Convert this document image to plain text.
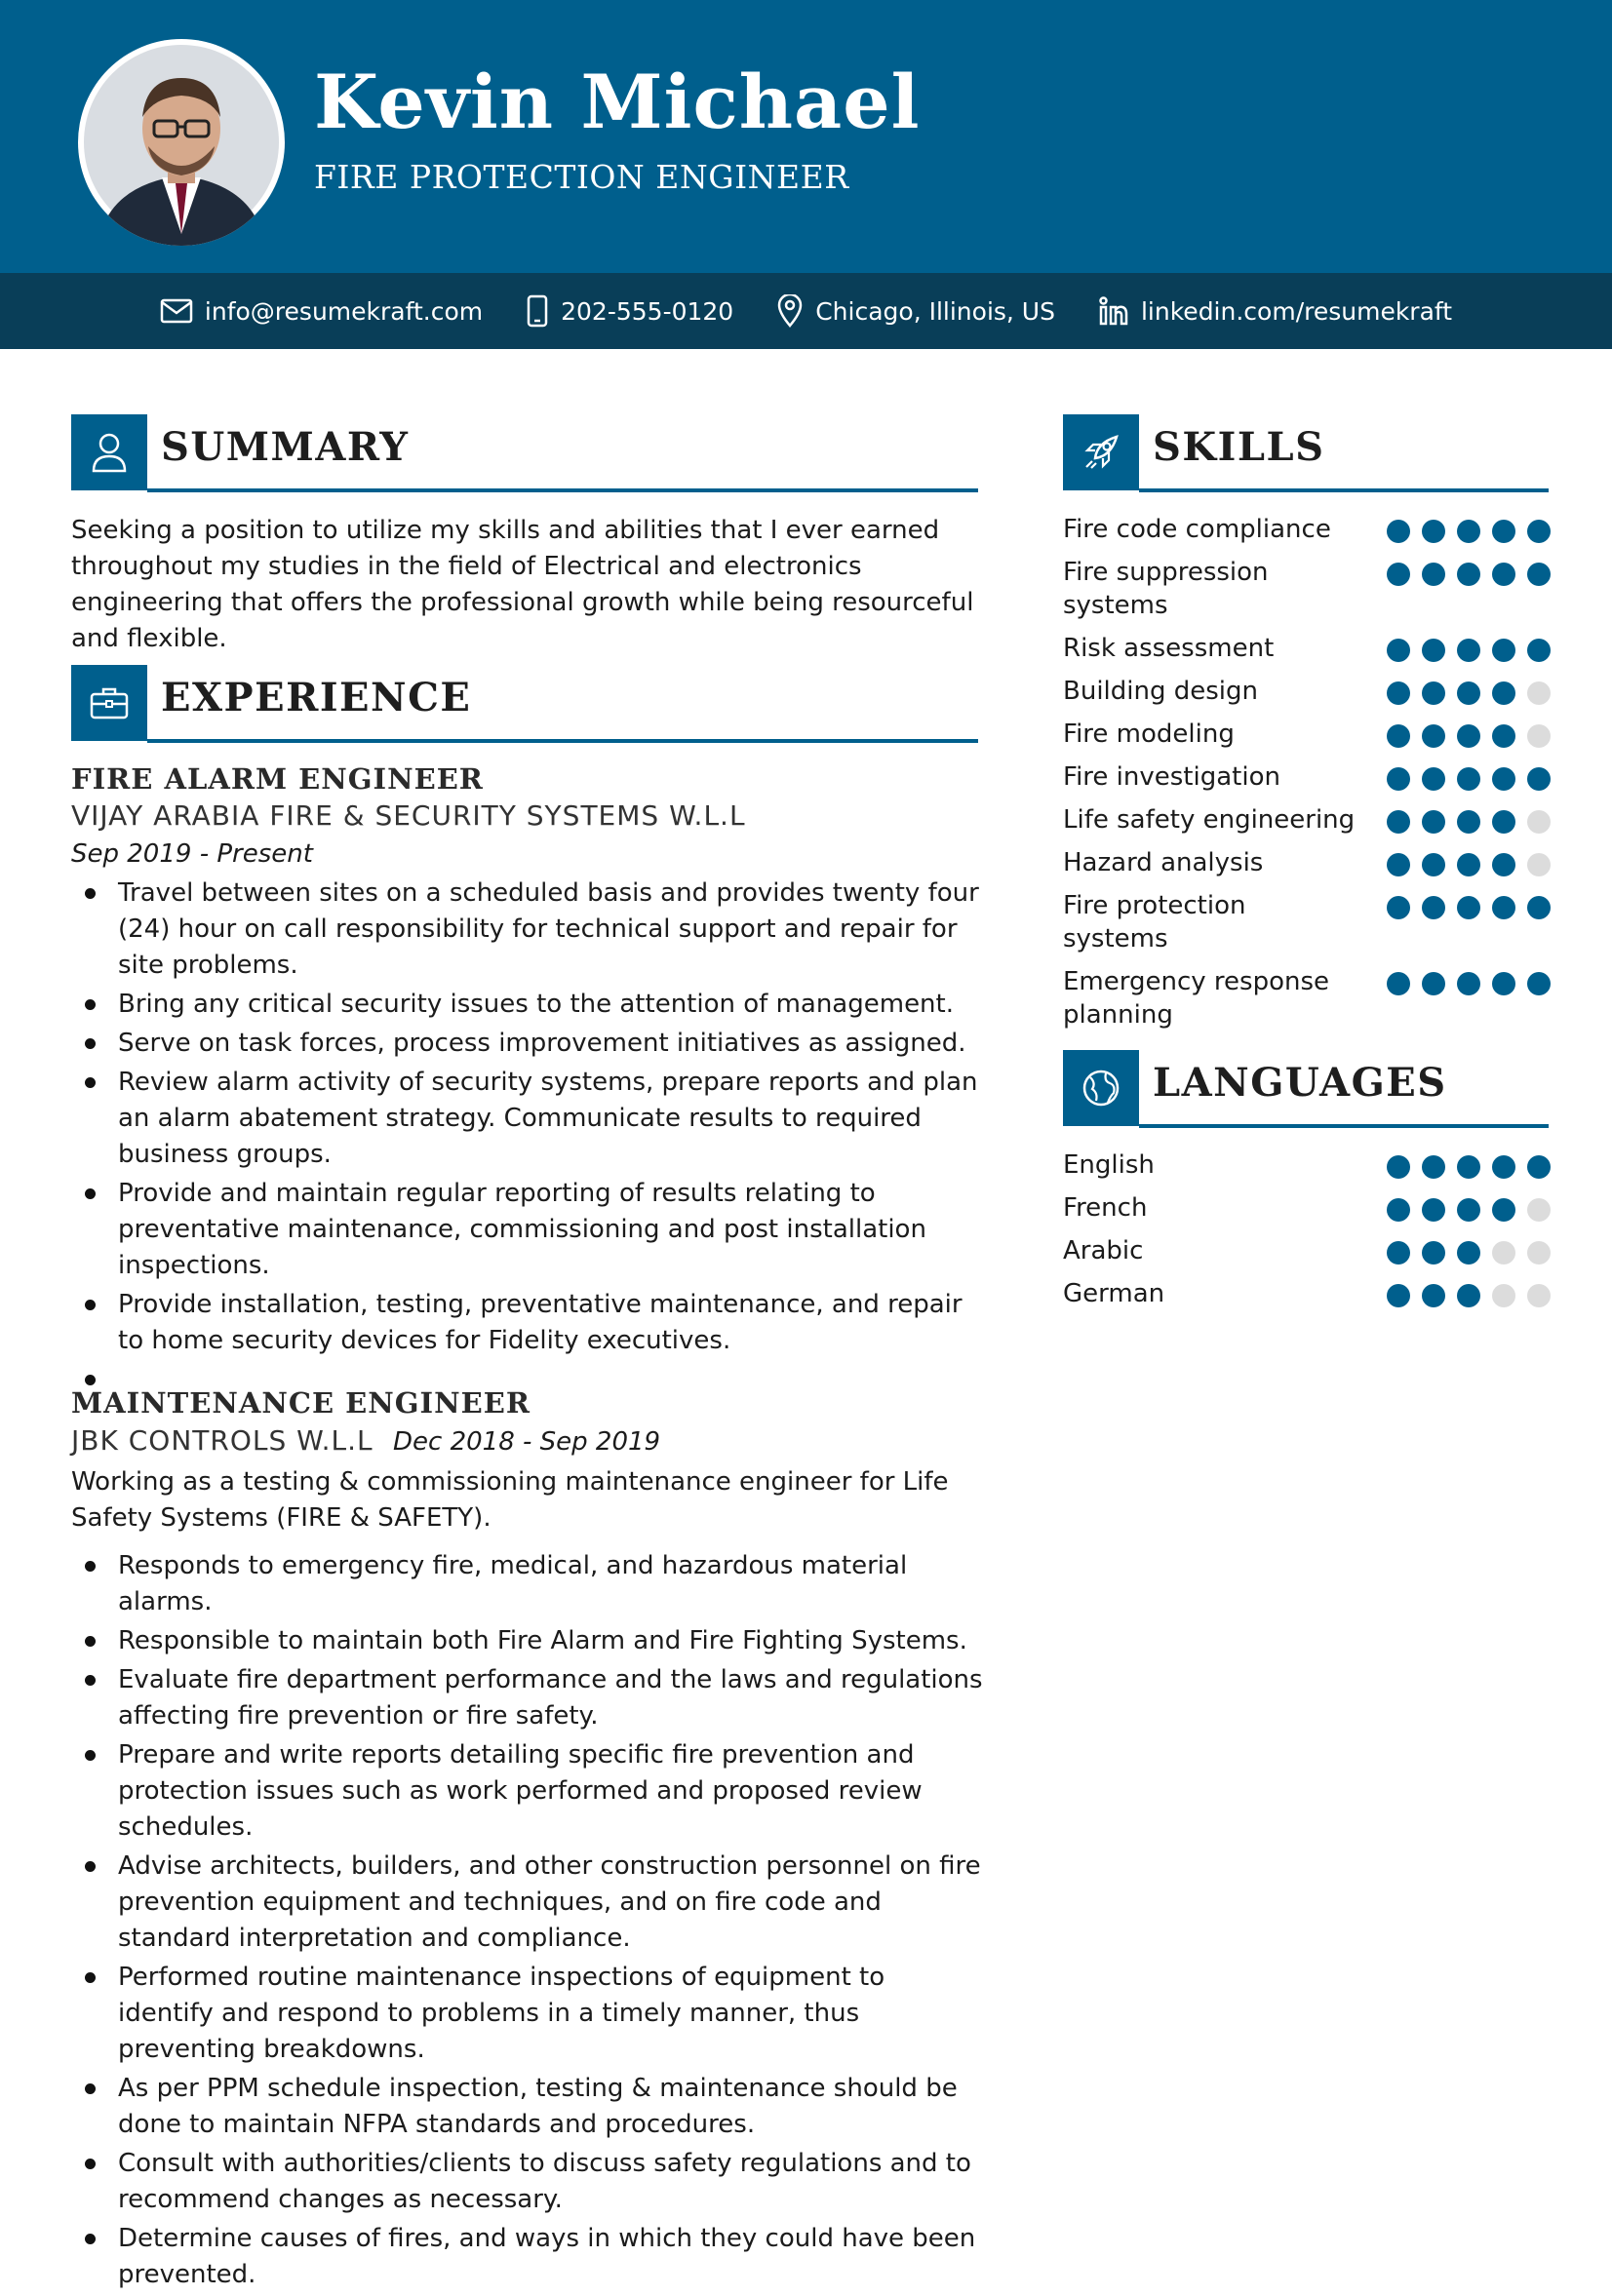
Kevin Michael
FIRE PROTECTION ENGINEER
info@resumekraft.com	202-555-0120	Chicago, Illinois, US	linkedin.com/resumekraft
SUMMARY
Seeking a position to utilize my skills and abilities that I ever earned throughout my studies in the field of Electrical and electronics engineering that offers the professional growth while being resourceful and flexible.
EXPERIENCE
FIRE ALARM ENGINEER
VIJAY ARABIA FIRE & SECURITY SYSTEMS W.L.L
Sep 2019 - Present
Travel between sites on a scheduled basis and provides twenty four (24) hour on call responsibility for technical support and repair for site problems.
Bring any critical security issues to the attention of management.
Serve on task forces, process improvement initiatives as assigned.
Review alarm activity of security systems, prepare reports and plan an alarm abatement strategy. Communicate results to required business groups.
Provide and maintain regular reporting of results relating to preventative maintenance, commissioning and post installation inspections.
Provide installation, testing, preventative maintenance, and repair to home security devices for Fidelity executives.
MAINTENANCE ENGINEER
JBK CONTROLS W.L.L Dec 2018 - Sep 2019
Working as a testing & commissioning maintenance engineer for Life Safety Systems (FIRE & SAFETY).
Responds to emergency fire, medical, and hazardous material alarms.
Responsible to maintain both Fire Alarm and Fire Fighting Systems.
Evaluate fire department performance and the laws and regulations affecting fire prevention or fire safety.
Prepare and write reports detailing specific fire prevention and protection issues such as work performed and proposed review schedules.
Advise architects, builders, and other construction personnel on fire prevention equipment and techniques, and on fire code and standard interpretation and compliance.
Performed routine maintenance inspections of equipment to identify and respond to problems in a timely manner, thus preventing breakdowns.
As per PPM schedule inspection, testing & maintenance should be done to maintain NFPA standards and procedures.
Consult with authorities/clients to discuss safety regulations and to recommend changes as necessary.
Determine causes of fires, and ways in which they could have been prevented.
SKILLS
Fire code compliance
Fire suppression systems
Risk assessment
Building design
Fire modeling
Fire investigation
Life safety engineering
Hazard analysis
Fire protection systems
Emergency response planning
LANGUAGES
English
French
Arabic
German
